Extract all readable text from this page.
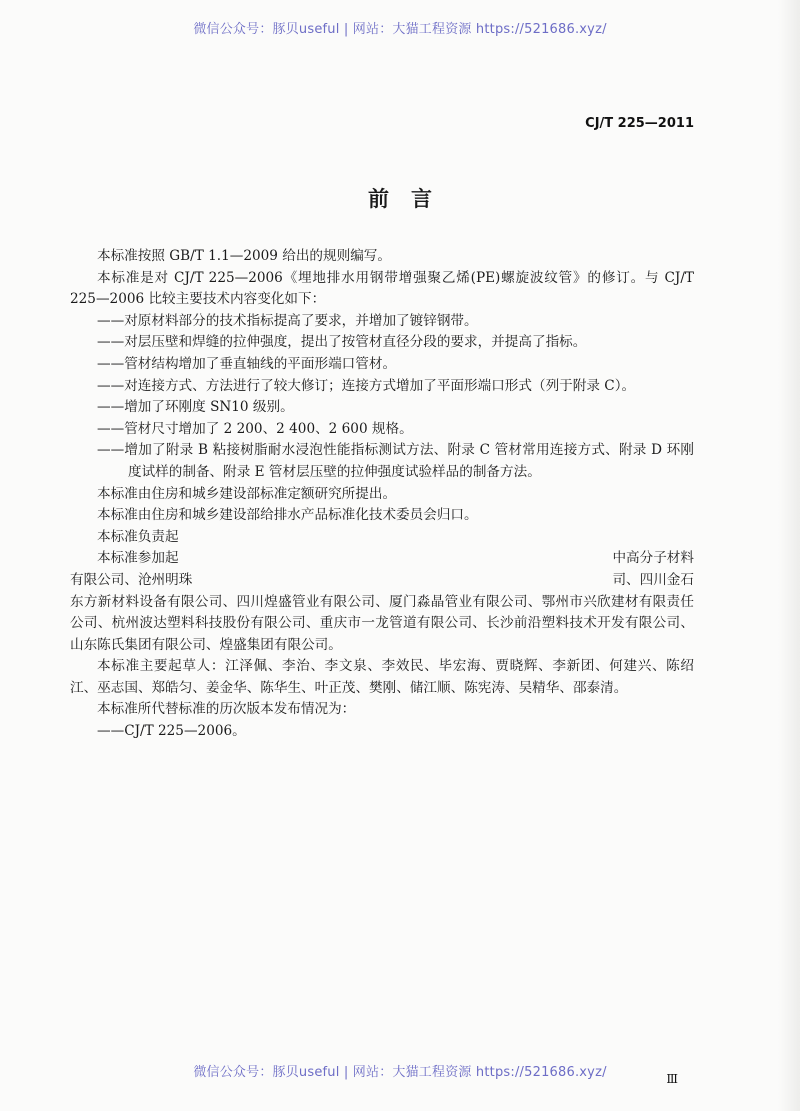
微信公众号：豚贝useful | 网站：大猫工程资源 https://521686.xyz/
CJ/T 225—2011
前言

本标准按照 GB/T 1.1—2009 给出的规则编写。

本标准是对 CJ/T 225—2006《埋地排水用钢带增强聚乙烯(PE)螺旋波纹管》的修订。与 CJ/T 225—2006 比较主要技术内容变化如下：

——对原材料部分的技术指标提高了要求，并增加了镀锌钢带。

——对层压壁和焊缝的拉伸强度，提出了按管材直径分段的要求，并提高了指标。

——管材结构增加了垂直轴线的平面形端口管材。

——对连接方式、方法进行了较大修订；连接方式增加了平面形端口形式（列于附录 C）。

——增加了环刚度 SN10 级别。

——管材尺寸增加了 2 200、2 400、2 600 规格。

——增加了附录 B 粘接树脂耐水浸泡性能指标测试方法、附录 C 管材常用连接方式、附录 D 环刚度试样的制备、附录 E 管材层压壁的拉伸强度试验样品的制备方法。

本标准由住房和城乡建设部标准定额研究所提出。

本标准由住房和城乡建设部给排水产品标准化技术委员会归口。

本标准负责起

本标准参加起	中高分子材料

有限公司、沧州明珠	司、四川金石

东方新材料设备有限公司、四川煌盛管业有限公司、厦门淼晶管业有限公司、鄂州市兴欣建材有限责任公司、杭州波达塑料科技股份有限公司、重庆市一龙管道有限公司、长沙前沿塑料技术开发有限公司、山东陈氏集团有限公司、煌盛集团有限公司。

本标准主要起草人：江泽佩、李治、李文泉、李效民、毕宏海、贾晓辉、李新团、何建兴、陈绍江、巫志国、郑皓匀、姜金华、陈华生、叶正茂、樊刚、储江顺、陈宪涛、吴精华、邵泰清。

本标准所代替标准的历次版本发布情况为：

——CJ/T 225—2006。

微信公众号：豚贝useful | 网站：大猫工程资源 https://521686.xyz/	Ⅲ
